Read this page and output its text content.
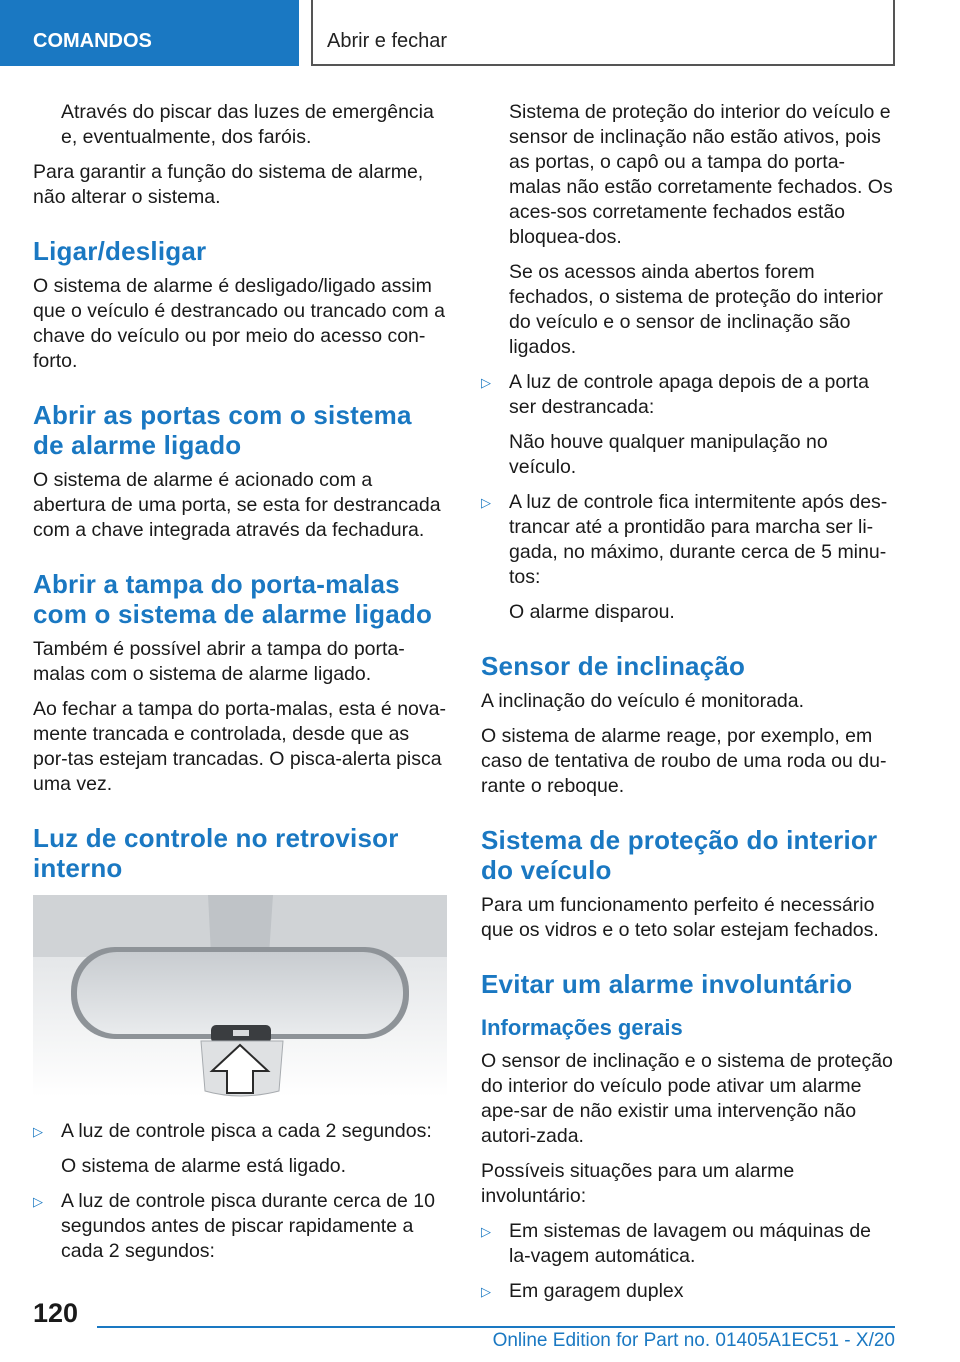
COMANDOS	Abrir e fechar

Através do piscar das luzes de emergência e, eventualmente, dos faróis.

Para garantir a função do sistema de alarme, não alterar o sistema.

Ligar/desligar

O sistema de alarme é desligado/ligado assim que o veículo é destrancado ou trancado com a chave do veículo ou por meio do acesso con-forto.

Abrir as portas com o sistema de alarme ligado

O sistema de alarme é acionado com a abertura de uma porta, se esta for destrancada com a chave integrada através da fechadura.

Abrir a tampa do porta-malas com o sistema de alarme ligado

Também é possível abrir a tampa do porta-malas com o sistema de alarme ligado.

Ao fechar a tampa do porta-malas, esta é nova-mente trancada e controlada, desde que as por-tas estejam trancadas. O pisca-alerta pisca uma vez.

Luz de controle no retrovisor interno
▷ A luz de controle pisca a cada 2 segundos:

O sistema de alarme está ligado.

▷ A luz de controle pisca durante cerca de 10 segundos antes de piscar rapidamente a cada 2 segundos:

Sistema de proteção do interior do veículo e sensor de inclinação não estão ativos, pois as portas, o capô ou a tampa do porta-malas não estão corretamente fechados. Os aces-sos corretamente fechados estão bloquea-dos.

Se os acessos ainda abertos forem fechados, o sistema de proteção do interior do veículo e o sensor de inclinação são ligados.

▷ A luz de controle apaga depois de a porta ser destrancada:

Não houve qualquer manipulação no veículo.

▷ A luz de controle fica intermitente após des-trancar até a prontidão para marcha ser li-gada, no máximo, durante cerca de 5 minu-tos:

O alarme disparou.

Sensor de inclinação

A inclinação do veículo é monitorada.

O sistema de alarme reage, por exemplo, em caso de tentativa de roubo de uma roda ou du-rante o reboque.

Sistema de proteção do interior do veículo

Para um funcionamento perfeito é necessário que os vidros e o teto solar estejam fechados.

Evitar um alarme involuntário
Informações gerais

O sensor de inclinação e o sistema de proteção do interior do veículo pode ativar um alarme ape-sar de não existir uma intervenção não autori-zada.

Possíveis situações para um alarme involuntário:

▷ Em sistemas de lavagem ou máquinas de la-vagem automática.
▷ Em garagem duplex
120
Online Edition for Part no. 01405A1EC51 - X/20
